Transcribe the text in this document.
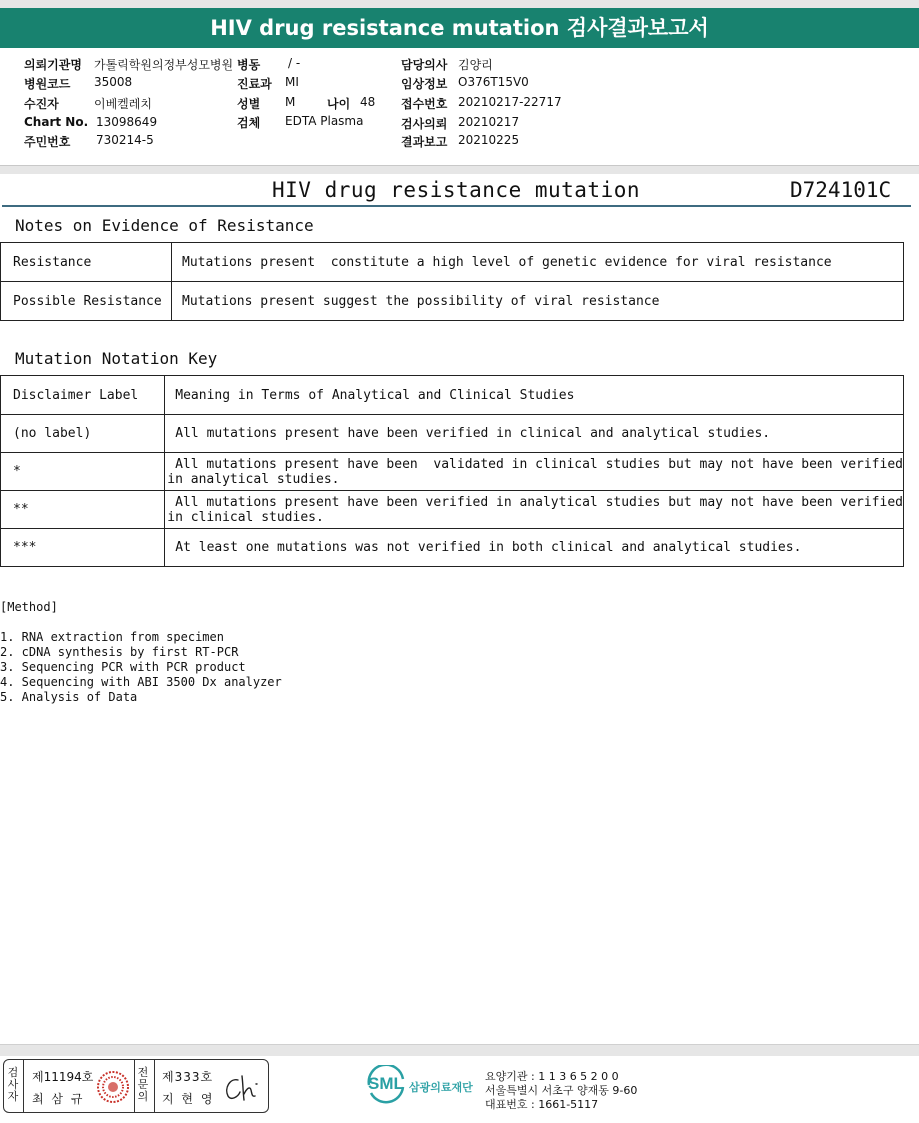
HIV drug resistance mutation 검사결과보고서
의뢰기관명 가톨릭학원의정부성모병원 병동 / -	담당의사 김양리
병원코드 35008	진료과 MI	임상정보 O376T15V0
수진자	이베켈레치	성별 M	나이 48 접수번호 20210217-22717
Chart No. 13098649	검체 EDTA Plasma	검사의뢰 20210217
주민번호 730214-5	결과보고 20210225
HIV drug resistance mutation	D724101C
Notes on Evidence of Resistance
Resistance	Mutations present  constitute a high level of genetic evidence for viral resistance
Possible Resistance	Mutations present suggest the possibility of viral resistance
Mutation Notation Key
Disclaimer Label	Meaning in Terms of Analytical and Clinical Studies
(no label)	All mutations present have been verified in clinical and analytical studies.
*	All mutations present have been  validated in clinical studies but may not have been verified
in analytical studies.
**	All mutations present have been verified in analytical studies but may not have been verified
in clinical studies.
***	At least one mutations was not verified in both clinical and analytical studies.
[Method]
1. RNA extraction from specimen
2. cDNA synthesis by first RT-PCR
3. Sequencing PCR with PCR product
4. Sequencing with ABI 3500 Dx analyzer
5. Analysis of Data
검사자
제11194호
최 삼 규
전문의
제333호
지 현 영
SML 삼광의료재단
요양기관 : 1 1 3 6 5 2 0 0
서울특별시 서초구 양재동 9-60
대표번호 : 1661-5117
